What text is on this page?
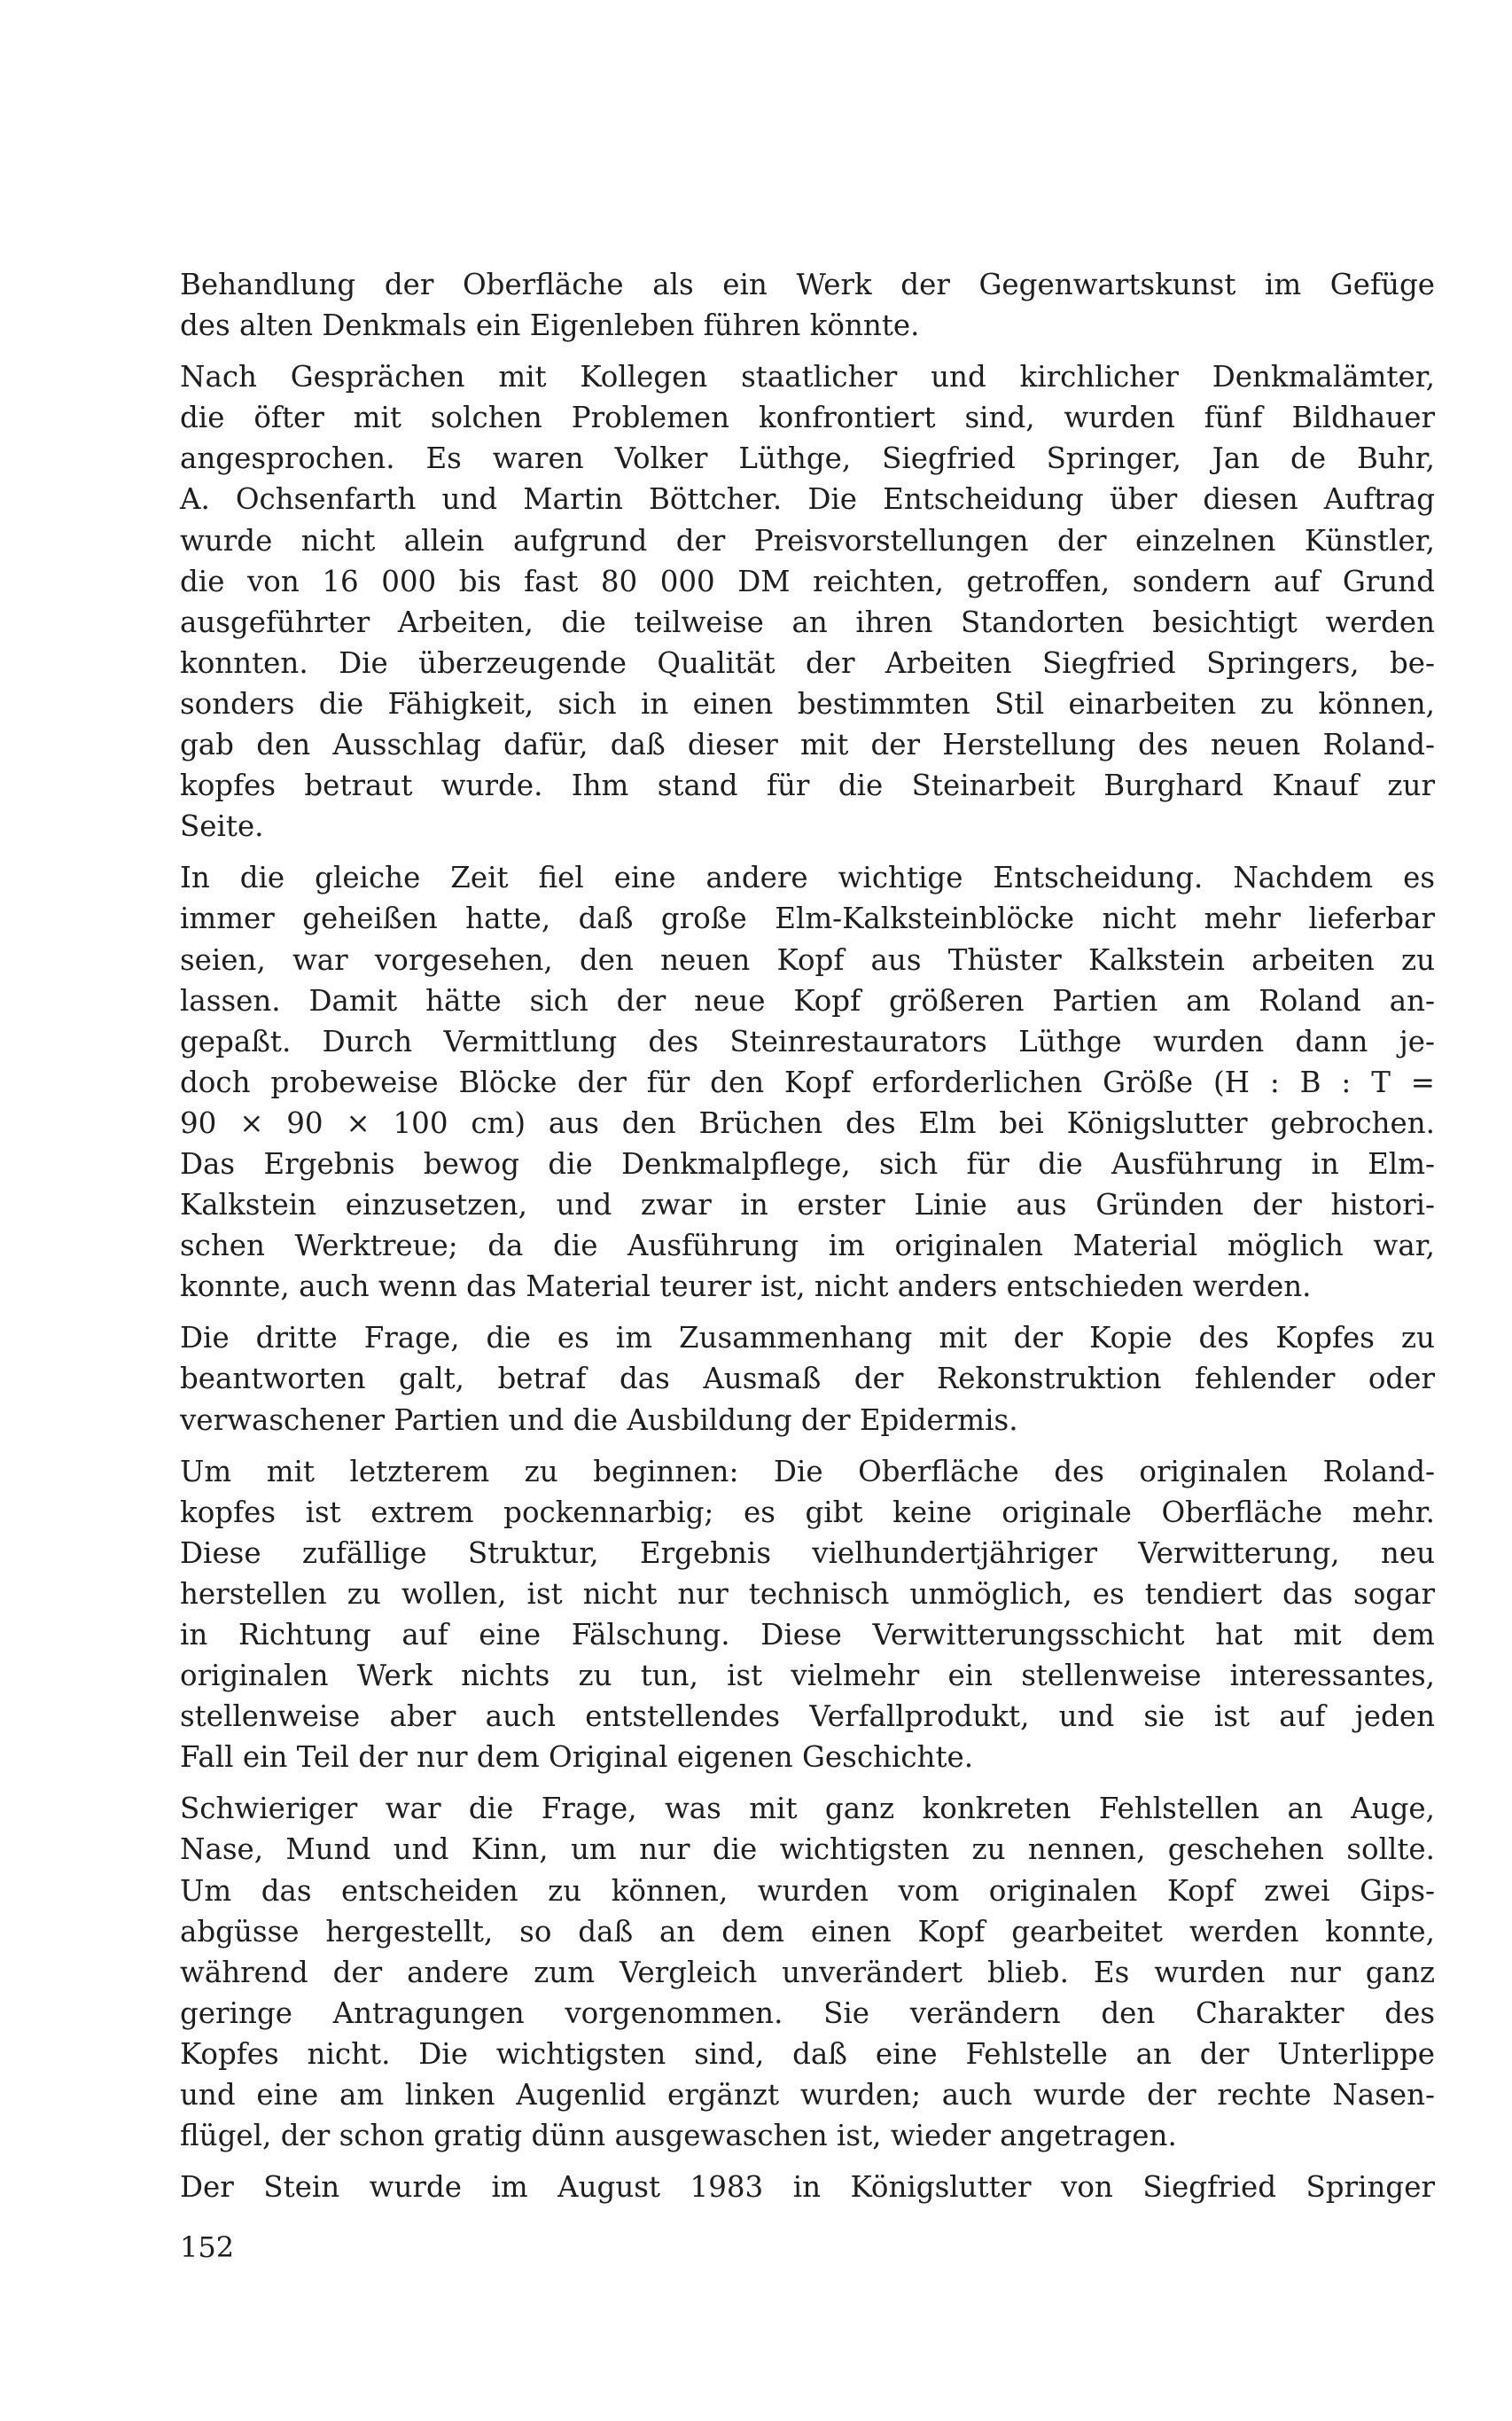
Behandlung der Oberfläche als ein Werk der Gegenwartskunst im Gefüge
des alten Denkmals ein Eigenleben führen könnte.
Nach Gesprächen mit Kollegen staatlicher und kirchlicher Denkmalämter,
die öfter mit solchen Problemen konfrontiert sind, wurden fünf Bildhauer
angesprochen. Es waren Volker Lüthge, Siegfried Springer, Jan de Buhr,
A. Ochsenfarth und Martin Böttcher. Die Entscheidung über diesen Auftrag
wurde nicht allein aufgrund der Preisvorstellungen der einzelnen Künstler,
die von 16 000 bis fast 80 000 DM reichten, getroffen, sondern auf Grund
ausgeführter Arbeiten, die teilweise an ihren Standorten besichtigt werden
konnten. Die überzeugende Qualität der Arbeiten Siegfried Springers, be-
sonders die Fähigkeit, sich in einen bestimmten Stil einarbeiten zu können,
gab den Ausschlag dafür, daß dieser mit der Herstellung des neuen Roland-
kopfes betraut wurde. Ihm stand für die Steinarbeit Burghard Knauf zur
Seite.
In die gleiche Zeit fiel eine andere wichtige Entscheidung. Nachdem es
immer geheißen hatte, daß große Elm-Kalksteinblöcke nicht mehr lieferbar
seien, war vorgesehen, den neuen Kopf aus Thüster Kalkstein arbeiten zu
lassen. Damit hätte sich der neue Kopf größeren Partien am Roland an-
gepaßt. Durch Vermittlung des Steinrestaurators Lüthge wurden dann je-
doch probeweise Blöcke der für den Kopf erforderlichen Größe (H : B : T =
90 × 90 × 100 cm) aus den Brüchen des Elm bei Königslutter gebrochen.
Das Ergebnis bewog die Denkmalpflege, sich für die Ausführung in Elm-
Kalkstein einzusetzen, und zwar in erster Linie aus Gründen der histori-
schen Werktreue; da die Ausführung im originalen Material möglich war,
konnte, auch wenn das Material teurer ist, nicht anders entschieden werden.
Die dritte Frage, die es im Zusammenhang mit der Kopie des Kopfes zu
beantworten galt, betraf das Ausmaß der Rekonstruktion fehlender oder
verwaschener Partien und die Ausbildung der Epidermis.
Um mit letzterem zu beginnen: Die Oberfläche des originalen Roland-
kopfes ist extrem pockennarbig; es gibt keine originale Oberfläche mehr.
Diese zufällige Struktur, Ergebnis vielhundertjähriger Verwitterung, neu
herstellen zu wollen, ist nicht nur technisch unmöglich, es tendiert das sogar
in Richtung auf eine Fälschung. Diese Verwitterungsschicht hat mit dem
originalen Werk nichts zu tun, ist vielmehr ein stellenweise interessantes,
stellenweise aber auch entstellendes Verfallprodukt, und sie ist auf jeden
Fall ein Teil der nur dem Original eigenen Geschichte.
Schwieriger war die Frage, was mit ganz konkreten Fehlstellen an Auge,
Nase, Mund und Kinn, um nur die wichtigsten zu nennen, geschehen sollte.
Um das entscheiden zu können, wurden vom originalen Kopf zwei Gips-
abgüsse hergestellt, so daß an dem einen Kopf gearbeitet werden konnte,
während der andere zum Vergleich unverändert blieb. Es wurden nur ganz
geringe Antragungen vorgenommen. Sie verändern den Charakter des
Kopfes nicht. Die wichtigsten sind, daß eine Fehlstelle an der Unterlippe
und eine am linken Augenlid ergänzt wurden; auch wurde der rechte Nasen-
flügel, der schon gratig dünn ausgewaschen ist, wieder angetragen.
Der Stein wurde im August 1983 in Königslutter von Siegfried Springer
152
